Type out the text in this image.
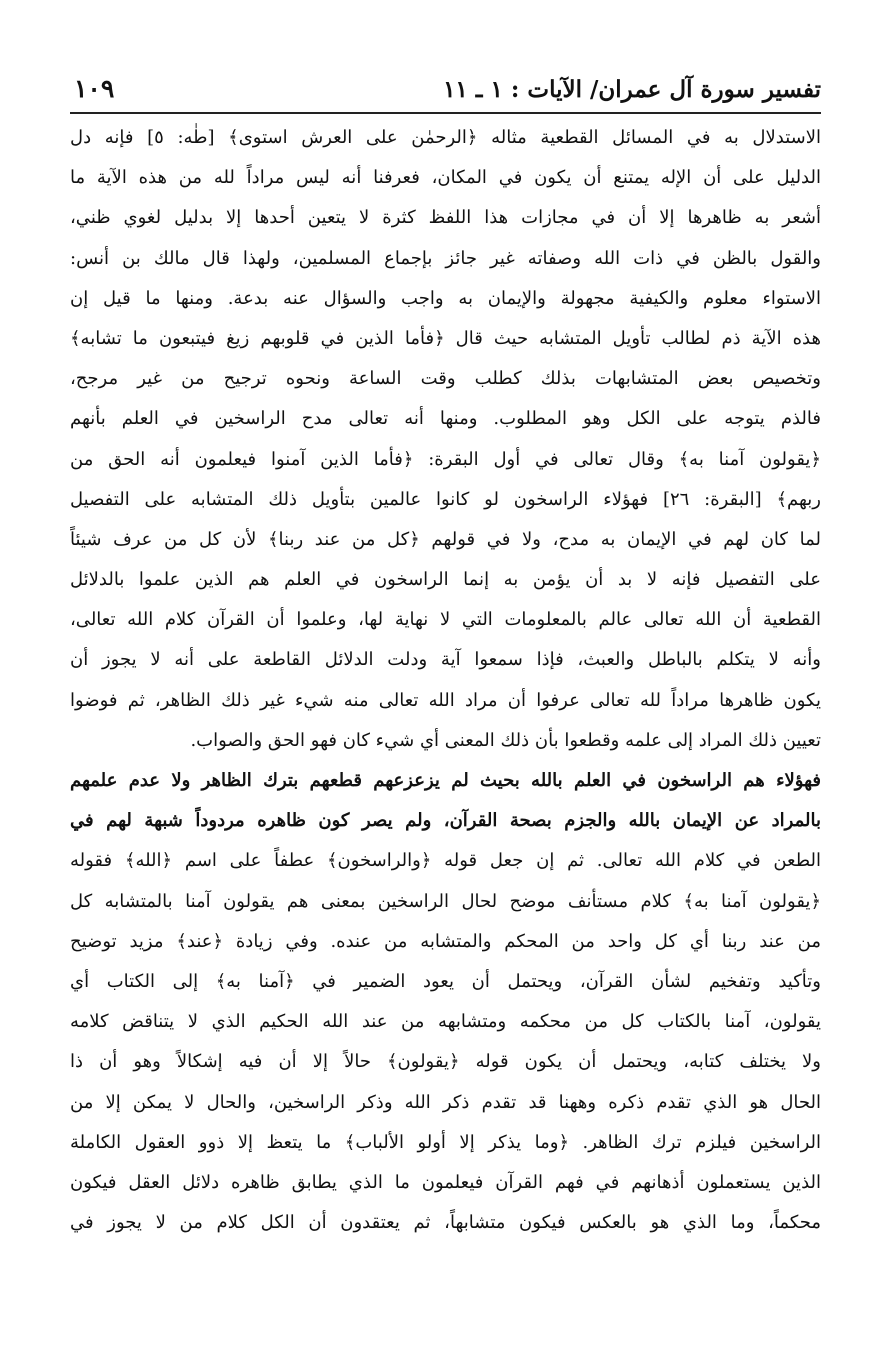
تفسير سورة آل عمران/ الآيات : ١ ـ ١١
١٠٩
الاستدلال به في المسائل القطعية مثاله ﴿الرحمٰن على العرش استوى﴾ [طٰه: ٥] فإنه دل
الدليل على أن الإله يمتنع أن يكون في المكان، فعرفنا أنه ليس مراداً لله من هذه الآية ما
أشعر به ظاهرها إلا أن في مجازات هذا اللفظ كثرة لا يتعين أحدها إلا بدليل لغوي ظني،
والقول بالظن في ذات الله وصفاته غير جائز بإجماع المسلمين، ولهذا قال مالك بن أنس:
الاستواء معلوم والكيفية مجهولة والإيمان به واجب والسؤال عنه بدعة. ومنها ما قيل إن
هذه الآية ذم لطالب تأويل المتشابه حيث قال ﴿فأما الذين في قلوبهم زيغ فيتبعون ما تشابه﴾
وتخصيص بعض المتشابهات بذلك كطلب وقت الساعة ونحوه ترجيح من غير مرجح،
فالذم يتوجه على الكل وهو المطلوب. ومنها أنه تعالى مدح الراسخين في العلم بأنهم
﴿يقولون آمنا به﴾ وقال تعالى في أول البقرة: ﴿فأما الذين آمنوا فيعلمون أنه الحق من
ربهم﴾ [البقرة: ٢٦] فهؤلاء الراسخون لو كانوا عالمين بتأويل ذلك المتشابه على التفصيل
لما كان لهم في الإيمان به مدح، ولا في قولهم ﴿كل من عند ربنا﴾ لأن كل من عرف شيئاً
على التفصيل فإنه لا بد أن يؤمن به إنما الراسخون في العلم هم الذين علموا بالدلائل
القطعية أن الله تعالى عالم بالمعلومات التي لا نهاية لها، وعلموا أن القرآن كلام الله تعالى،
وأنه لا يتكلم بالباطل والعبث، فإذا سمعوا آية ودلت الدلائل القاطعة على أنه لا يجوز أن
يكون ظاهرها مراداً لله تعالى عرفوا أن مراد الله تعالى منه شيء غير ذلك الظاهر، ثم فوضوا
تعيين ذلك المراد إلى علمه وقطعوا بأن ذلك المعنى أي شيء كان فهو الحق والصواب.
فهؤلاء هم الراسخون في العلم بالله بحيث لم يزعزعهم قطعهم بترك الظاهر ولا عدم علمهم
بالمراد عن الإيمان بالله والجزم بصحة القرآن، ولم يصر كون ظاهره مردوداً شبهة لهم في
الطعن في كلام الله تعالى. ثم إن جعل قوله ﴿والراسخون﴾ عطفاً على اسم ﴿الله﴾ فقوله
﴿يقولون آمنا به﴾ كلام مستأنف موضح لحال الراسخين بمعنى هم يقولون آمنا بالمتشابه كل
من عند ربنا أي كل واحد من المحكم والمتشابه من عنده. وفي زيادة ﴿عند﴾ مزيد توضيح
وتأكيد وتفخيم لشأن القرآن، ويحتمل أن يعود الضمير في ﴿آمنا به﴾ إلى الكتاب أي
يقولون، آمنا بالكتاب كل من محكمه ومتشابهه من عند الله الحكيم الذي لا يتناقض كلامه
ولا يختلف كتابه، ويحتمل أن يكون قوله ﴿يقولون﴾ حالاً إلا أن فيه إشكالاً وهو أن ذا
الحال هو الذي تقدم ذكره وههنا قد تقدم ذكر الله وذكر الراسخين، والحال لا يمكن إلا من
الراسخين فيلزم ترك الظاهر. ﴿وما يذكر إلا أولو الألباب﴾ ما يتعظ إلا ذوو العقول الكاملة
الذين يستعملون أذهانهم في فهم القرآن فيعلمون ما الذي يطابق ظاهره دلائل العقل فيكون
محكماً، وما الذي هو بالعكس فيكون متشابهاً، ثم يعتقدون أن الكل كلام من لا يجوز في
